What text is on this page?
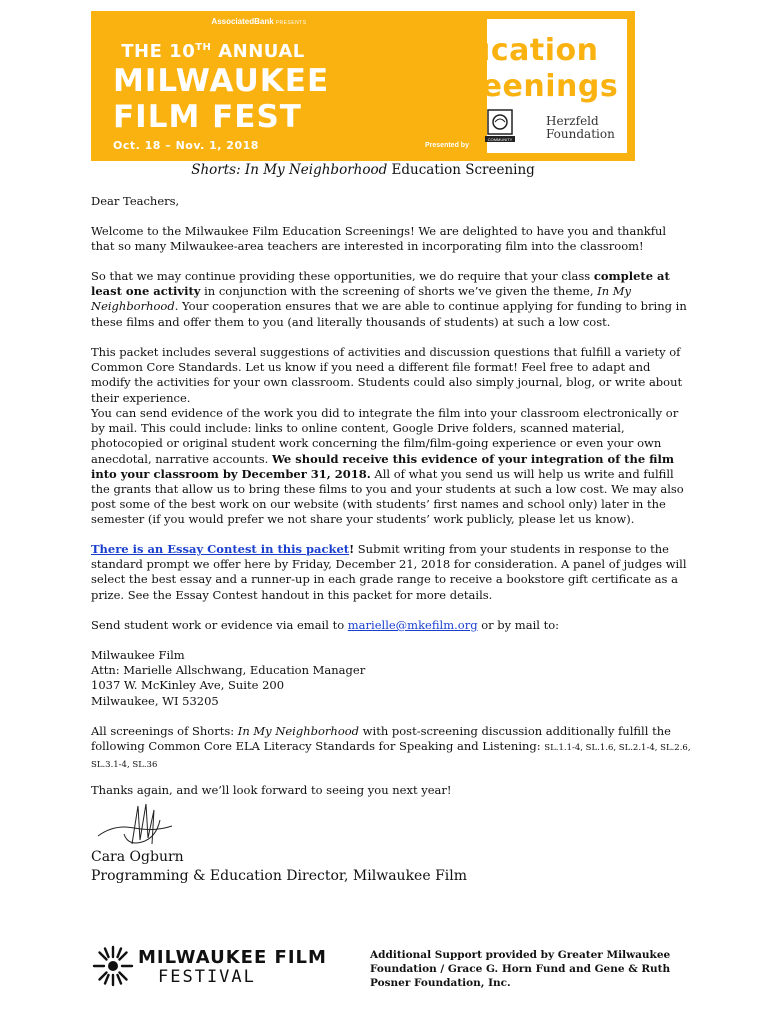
AssociatedBank PRESENTS
THE 10TH ANNUAL
MILWAUKEE
FILM FEST
Oct. 18 – Nov. 1, 2018
Education
Screenings
Presented by
COMMUNITY
Herzfeld
Foundation
Shorts: In My Neighborhood Education Screening
Dear Teachers,

Welcome to the Milwaukee Film Education Screenings! We are delighted to have you and thankful that so many Milwaukee-area teachers are interested in incorporating film into the classroom!

So that we may continue providing these opportunities, we do require that your class complete at least one activity in conjunction with the screening of shorts we’ve given the theme, In My Neighborhood. Your cooperation ensures that we are able to continue applying for funding to bring in these films and offer them to you (and literally thousands of students) at such a low cost.

This packet includes several suggestions of activities and discussion questions that fulfill a variety of Common Core Standards. Let us know if you need a different file format! Feel free to adapt and modify the activities for your own classroom. Students could also simply journal, blog, or write about their experience.

You can send evidence of the work you did to integrate the film into your classroom electronically or by mail. This could include: links to online content, Google Drive folders, scanned material, photocopied or original student work concerning the film/film-going experience or even your own anecdotal, narrative accounts. We should receive this evidence of your integration of the film into your classroom by December 31, 2018. All of what you send us will help us write and fulfill the grants that allow us to bring these films to you and your students at such a low cost. We may also post some of the best work on our website (with students’ first names and school only) later in the semester (if you would prefer we not share your students’ work publicly, please let us know).

There is an Essay Contest in this packet! Submit writing from your students in response to the standard prompt we offer here by Friday, December 21, 2018 for consideration. A panel of judges will select the best essay and a runner-up in each grade range to receive a bookstore gift certificate as a prize. See the Essay Contest handout in this packet for more details.

Send student work or evidence via email to marielle@mkefilm.org or by mail to:

Milwaukee Film
Attn: Marielle Allschwang, Education Manager
1037 W. McKinley Ave, Suite 200
Milwaukee, WI 53205

All screenings of Shorts: In My Neighborhood with post-screening discussion additionally fulfill the following Common Core ELA Literacy Standards for Speaking and Listening: SL.1.1-4, SL.1.6, SL.2.1-4, SL.2.6, SL.3.1-4, SL.36

Thanks again, and we’ll look forward to seeing you next year!
Cara Ogburn
Programming & Education Director, Milwaukee Film
MILWAUKEE FILM
FESTIVAL
Additional Support provided by Greater Milwaukee Foundation / Grace G. Horn Fund and Gene & Ruth Posner Foundation, Inc.
